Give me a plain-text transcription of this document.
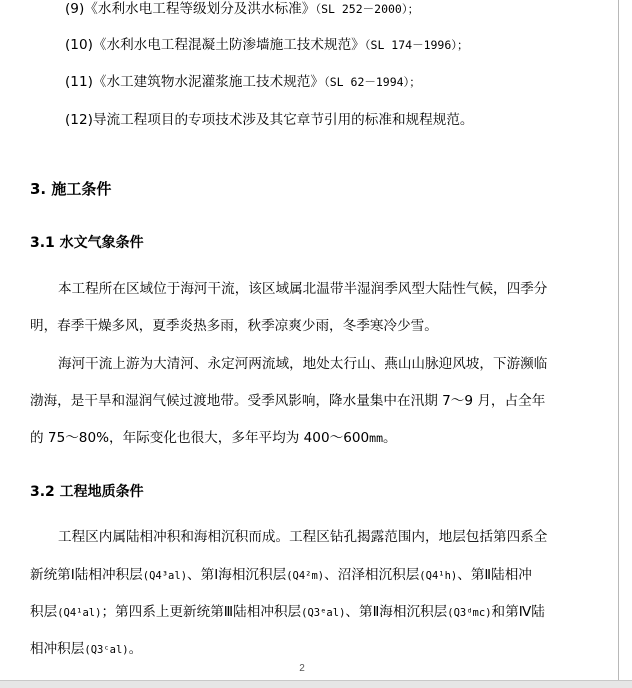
(9)《水利水电工程等级划分及洪水标准》（SL 252－2000）；
(10)《水利水电工程混凝土防渗墙施工技术规范》（SL 174－1996）；
(11)《水工建筑物水泥灌浆施工技术规范》（SL 62－1994）；
(12)导流工程项目的专项技术涉及其它章节引用的标准和规程规范。
3. 施工条件
3.1 水文气象条件
本工程所在区域位于海河干流，该区域属北温带半湿润季风型大陆性气候，四季分
明，春季干燥多风，夏季炎热多雨，秋季凉爽少雨，冬季寒冷少雪。
海河干流上游为大清河、永定河两流域，地处太行山、燕山山脉迎风坡，下游濒临
渤海，是干旱和湿润气候过渡地带。受季风影响，降水量集中在汛期 7～9 月，占全年
的 75～80%，年际变化也很大，多年平均为 400～600mm。
3.2 工程地质条件
工程区内属陆相冲积和海相沉积而成。工程区钻孔揭露范围内，地层包括第四系全
新统第Ⅰ陆相冲积层(Q4³al)、第Ⅰ海相沉积层(Q4²m)、沼泽相沉积层(Q4¹h)、第Ⅱ陆相冲
积层(Q4¹al)；第四系上更新统第Ⅲ陆相冲积层(Q3ᵉal)、第Ⅱ海相沉积层(Q3ᵈmc)和第Ⅳ陆
相冲积层(Q3ᶜal)。
2
